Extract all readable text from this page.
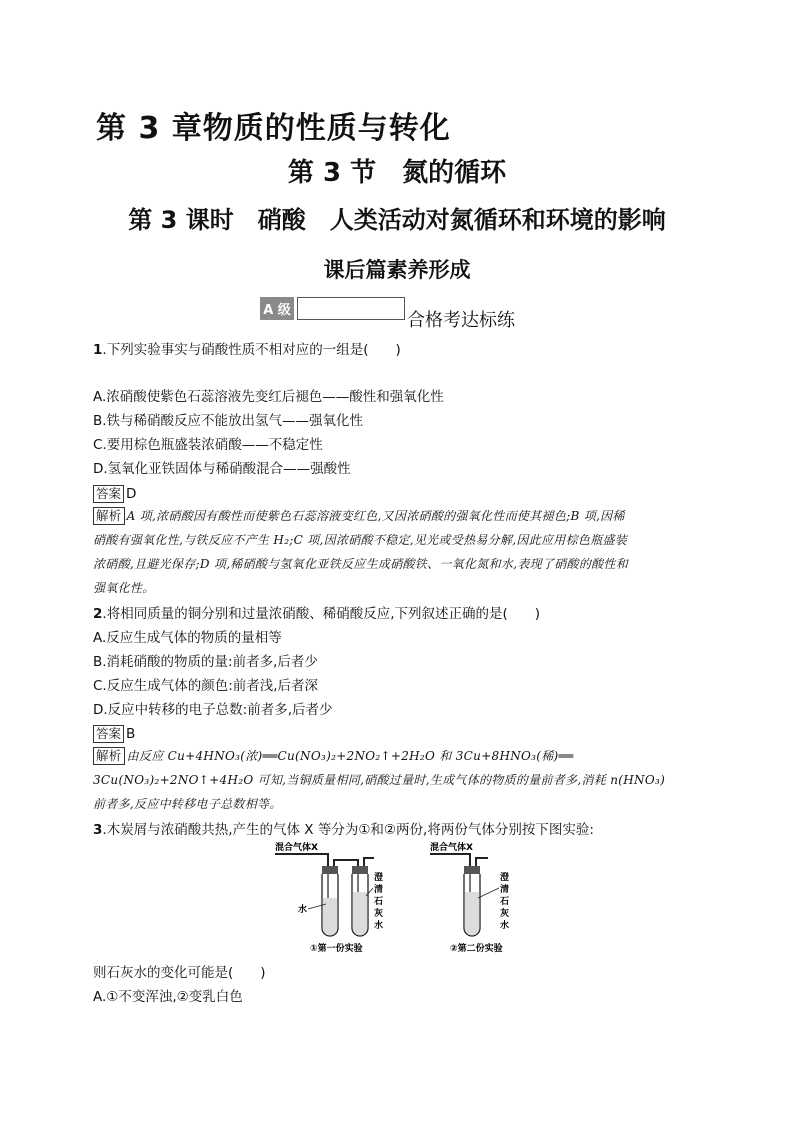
第 3 章物质的性质与转化
第 3 节　氮的循环
第 3 课时　硝酸　人类活动对氮循环和环境的影响
课后篇素养形成
A 级	合格考达标练
1.下列实验事实与硝酸性质不相对应的一组是(　　)
A.浓硝酸使紫色石蕊溶液先变红后褪色——酸性和强氧化性
B.铁与稀硝酸反应不能放出氢气——强氧化性
C.要用棕色瓶盛装浓硝酸——不稳定性
D.氢氧化亚铁固体与稀硝酸混合——强酸性
答案 D
解析 A 项,浓硝酸因有酸性而使紫色石蕊溶液变红色,又因浓硝酸的强氧化性而使其褪色;B 项,因稀
硝酸有强氧化性,与铁反应不产生 H₂;C 项,因浓硝酸不稳定,见光或受热易分解,因此应用棕色瓶盛装
浓硝酸,且避光保存;D 项,稀硝酸与氢氧化亚铁反应生成硝酸铁、一氧化氮和水,表现了硝酸的酸性和
强氧化性。
2.将相同质量的铜分别和过量浓硝酸、稀硝酸反应,下列叙述正确的是(　　)
A.反应生成气体的物质的量相等
B.消耗硝酸的物质的量:前者多,后者少
C.反应生成气体的颜色:前者浅,后者深
D.反应中转移的电子总数:前者多,后者少
答案 B
解析 由反应 Cu+4HNO₃(浓)══Cu(NO₃)₂+2NO₂↑+2H₂O 和 3Cu+8HNO₃(稀)══
3Cu(NO₃)₂+2NO↑+4H₂O 可知,当铜质量相同,硝酸过量时,生成气体的物质的量前者多,消耗 n(HNO₃)
前者多,反应中转移电子总数相等。
3.木炭屑与浓硝酸共热,产生的气体 X 等分为①和②两份,将两份气体分别按下图实验:
混合气体X
水
澄
清
石
灰
水
①第一份实验
混合气体X
澄
清
石
灰
水
②第二份实验
则石灰水的变化可能是(　　)
A.①不变浑浊,②变乳白色
